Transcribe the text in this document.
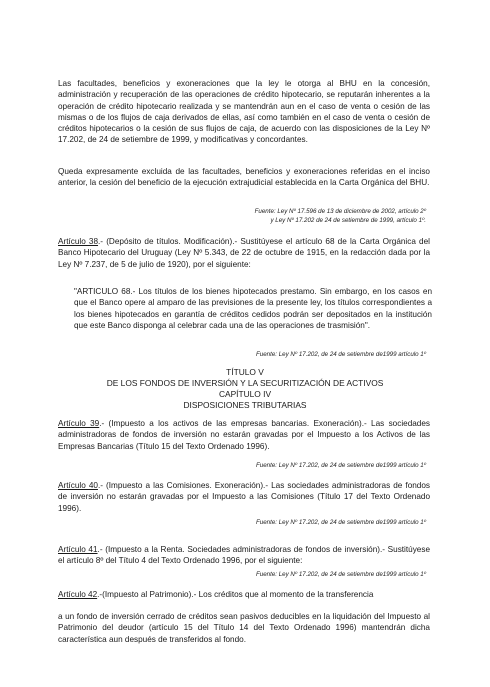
Las facultades, beneficios y exoneraciones que la ley le otorga al BHU en la concesión, administración y recuperación de las operaciones de crédito hipotecario, se reputarán inherentes a la operación de crédito hipotecario realizada y se mantendrán aun en el caso de venta o cesión de las mismas o de los flujos de caja derivados de ellas, así como también en el caso de venta o cesión de créditos hipotecarios o la cesión de sus flujos de caja, de acuerdo con las disposiciones de la Ley Nº 17.202, de 24 de setiembre de 1999, y modificativas y concordantes.

Queda expresamente excluida de las facultades, beneficios y exoneraciones referidas en el inciso anterior, la cesión del beneficio de la ejecución extrajudicial establecida en la Carta Orgánica del BHU.

Fuente: Ley Nº 17.596 de 13 de diciembre de 2002, artículo 2º
y Ley Nº 17.202 de 24 de setiembre de 1999, artículo 1º.

Artículo 38.- (Depósito de títulos. Modificación).- Sustitúyese el artículo 68 de la Carta Orgánica del Banco Hipotecario del Uruguay (Ley Nº 5.343, de 22 de octubre de 1915, en la redacción dada por la Ley Nº 7.237, de 5 de julio de 1920), por el siguiente:

"ARTICULO 68.- Los títulos de los bienes hipotecados prestamo. Sin embargo, en los casos en que el Banco opere al amparo de las previsiones de la presente ley, los títulos correspondientes a los bienes hipotecados en garantía de créditos cedidos podrán ser depositados en la institución que este Banco disponga al celebrar cada una de las operaciones de trasmisión".

Fuente: Ley Nº 17.202, de 24 de setiembre de1999 artículo 1º
TÍTULO V
DE LOS FONDOS DE INVERSIÓN Y LA SECURITIZACIÓN DE ACTIVOS
CAPÍTULO IV
DISPOSICIONES TRIBUTARIAS

Artículo 39.- (Impuesto a los activos de las empresas bancarias. Exoneración).- Las sociedades administradoras de fondos de inversión no estarán gravadas por el Impuesto a los Activos de las Empresas Bancarias (Título 15 del Texto Ordenado 1996).

Fuente: Ley Nº 17.202, de 24 de setiembre de1999 artículo 1º

Artículo 40.- (Impuesto a las Comisiones. Exoneración).- Las sociedades administradoras de fondos de inversión no estarán gravadas por el Impuesto a las Comisiones (Título 17 del Texto Ordenado 1996).

Fuente: Ley Nº 17.202, de 24 de setiembre de1999 artículo 1º

Artículo 41.- (Impuesto a la Renta. Sociedades administradoras de fondos de inversión).- Sustitúyese el artículo 8º del Título 4 del Texto Ordenado 1996, por el siguiente:

Fuente: Ley Nº 17.202, de 24 de setiembre de1999 artículo 1º

Artículo 42.-(Impuesto al Patrimonio).- Los créditos que al momento de la transferencia

a un fondo de inversión cerrado de créditos sean pasivos deducibles en la liquidación del Impuesto al Patrimonio del deudor (artículo 15 del Título 14 del Texto Ordenado 1996) mantendrán dicha característica aun después de transferidos al fondo.
